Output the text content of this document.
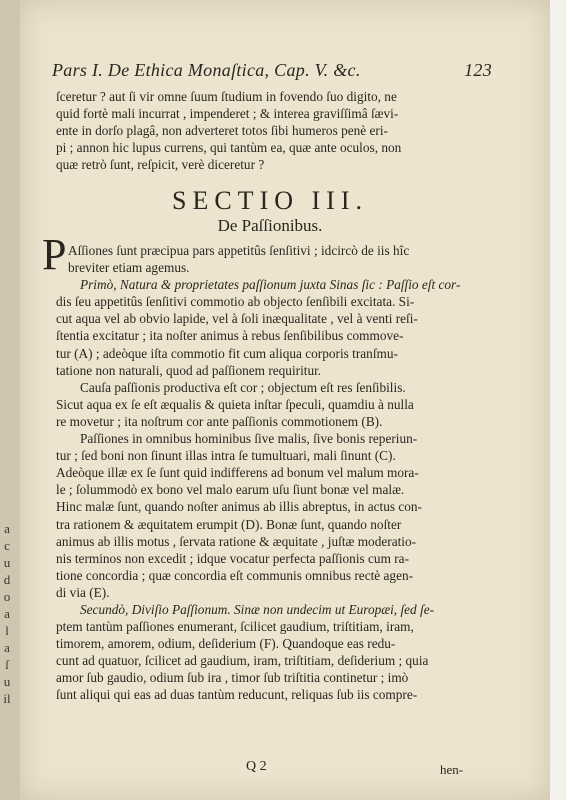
Pars I. De Ethica Monaſtica, Cap. V. &c.	123
ſceretur ? aut ſi vir omne ſuum ſtudium in fovendo ſuo digito, ne
quid fortè mali incurrat , impenderet ; & interea graviſſimâ ſævi-
ente in dorſo plagâ, non adverteret totos ſibi humeros penè eri-
pi ; annon hic lupus currens, qui tantùm ea, quæ ante oculos, non
quæ retrò ſunt, reſpicit, verè diceretur ?
SECTIO III.
De Paſſionibus.
P Aſſiones ſunt præcipua pars appetitûs ſenſitivi ; idcircò de iis hîc
breviter etiam agemus.
Primò, Natura & proprietates paſſionum juxta Sinas ſic : Paſſio eſt cor-
dis ſeu appetitûs ſenſitivi commotio ab objecto ſenſibili excitata. Si-
cut aqua vel ab obvio lapide, vel à ſoli inæqualitate , vel à venti reſi-
ſtentia excitatur ; ita noſter animus à rebus ſenſibilibus commove-
tur (A) ; adeòque iſta commotio fit cum aliqua corporis tranſmu-
tatione non naturali, quod ad paſſionem requiritur.
Cauſa paſſionis productiva eſt cor ; objectum eſt res ſenſibilis.
Sicut aqua ex ſe eſt æqualis & quieta inſtar ſpeculi, quamdiu à nulla
re movetur ; ita noſtrum cor ante paſſionis commotionem (B).
Paſſiones in omnibus hominibus ſive malis, ſive bonis reperiun-
tur ; ſed boni non ſinunt illas intra ſe tumultuari, mali ſinunt (C).
Adeòque illæ ex ſe ſunt quid indifferens ad bonum vel malum mora-
le ; ſolummodò ex bono vel malo earum uſu ſiunt bonæ vel malæ.
Hinc malæ ſunt, quando noſter animus ab illis abreptus, in actus con-
tra rationem & æquitatem erumpit (D). Bonæ ſunt, quando noſter
animus ab illis motus , ſervata ratione & æquitate , juſtæ moderatio-
nis terminos non excedit ; idque vocatur perfecta paſſionis cum ra-
tione concordia ; quæ concordia eſt communis omnibus rectè agen-
di via (E).
Secundò, Diviſio Paſſionum. Sinæ non undecim ut Europæi, ſed ſe-
ptem tantùm paſſiones enumerant, ſcilicet gaudium, triſtitiam, iram,
timorem, amorem, odium, deſiderium (F). Quandoque eas redu-
cunt ad quatuor, ſcilicet ad gaudium, iram, triſtitiam, deſiderium ; quia
amor ſub gaudio, odium ſub ira , timor ſub triſtitia continetur ; imò
ſunt aliqui qui eas ad duas tantùm reducunt, reliquas ſub iis compre-
Q 2	hen-
a
c
u
d
o
a
l
a
ſ
u
il
